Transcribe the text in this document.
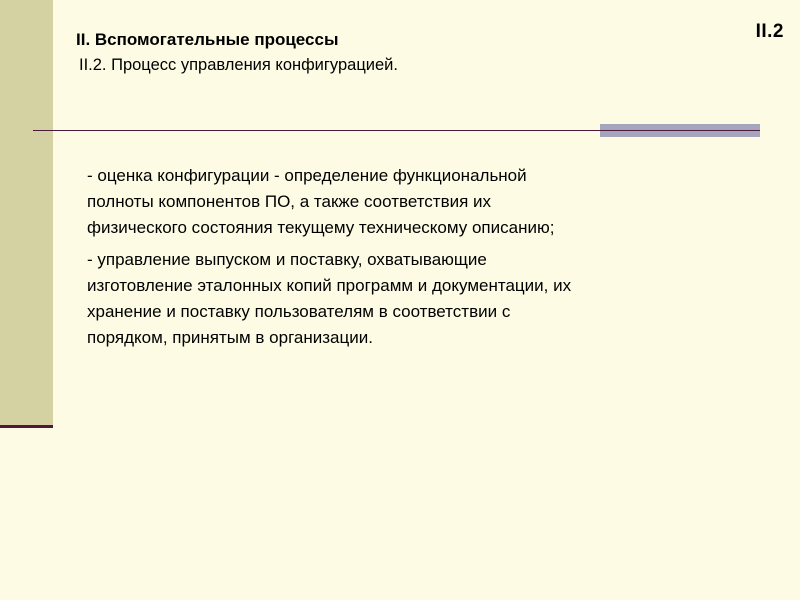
II.2
II. Вспомогательные процессы
II.2. Процесс управления конфигурацией.

- оценка конфигурации - определение функциональной
полноты компонентов ПО, а также соответствия их
физического состояния текущему техническому описанию;

- управление выпуском и поставку, охватывающие
изготовление эталонных копий программ и документации, их
хранение и поставку пользователям в соответствии с
порядком, принятым в организации.
